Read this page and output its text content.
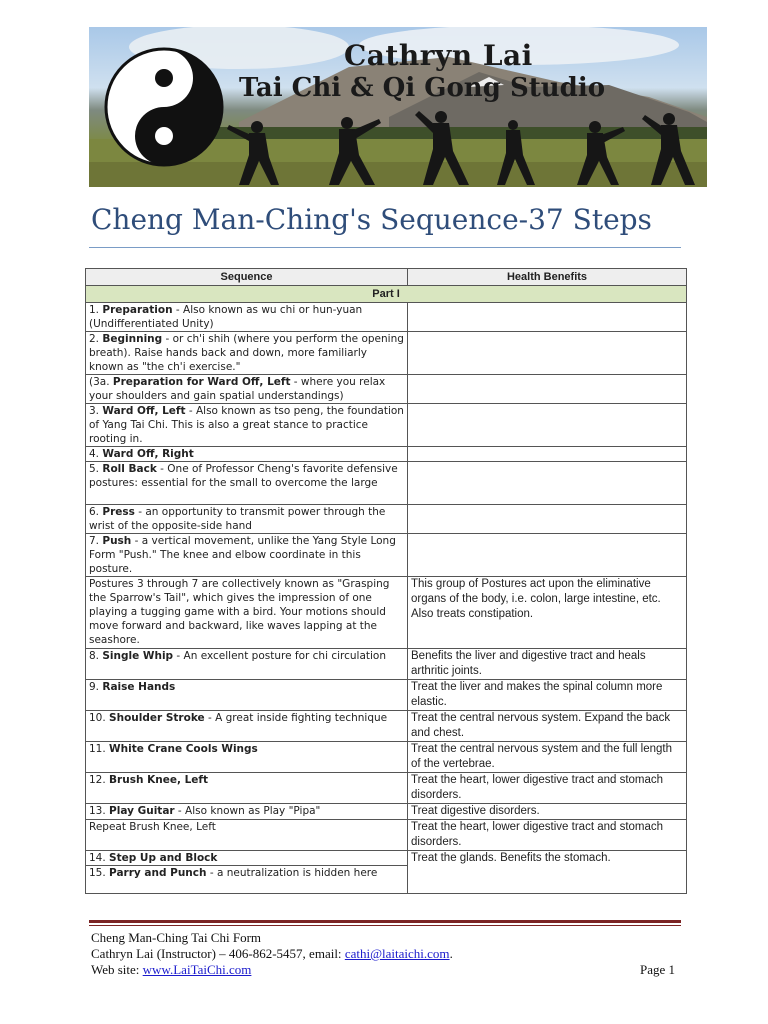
Cathryn Lai
Tai Chi & Qi Gong Studio
Cheng Man-Ching's Sequence-37 Steps
Sequence	Health Benefits
Part I	
1. Preparation - Also known as wu chi or hun-yuan (Undifferentiated Unity)	
2. Beginning - or ch'i shih (where you perform the opening breath). Raise hands back and down, more familiarly known as "the ch'i exercise."	
(3a. Preparation for Ward Off, Left - where you relax your shoulders and gain spatial understandings)	
3. Ward Off, Left - Also known as tso peng, the foundation of Yang Tai Chi. This is also a great stance to practice rooting in.	
4. Ward Off, Right	
5. Roll Back - One of Professor Cheng's favorite defensive postures: essential for the small to overcome the large	
6. Press - an opportunity to transmit power through the wrist of the opposite-side hand	
7. Push - a vertical movement, unlike the Yang Style Long Form "Push." The knee and elbow coordinate in this posture.	
Postures 3 through 7 are collectively known as "Grasping the Sparrow's Tail", which gives the impression of one playing a tugging game with a bird. Your motions should move forward and backward, like waves lapping at the seashore.	This group of Postures act upon the eliminative organs of the body, i.e. colon, large intestine, etc. Also treats constipation.
8. Single Whip - An excellent posture for chi circulation	Benefits the liver and digestive tract and heals arthritic joints.
9. Raise Hands	Treat the liver and makes the spinal column more elastic.
10. Shoulder Stroke - A great inside fighting technique	Treat the central nervous system. Expand the back and chest.
11. White Crane Cools Wings	Treat the central nervous system and the full length of the vertebrae.
12. Brush Knee, Left	Treat the heart, lower digestive tract and stomach disorders.
13. Play Guitar - Also known as Play "Pipa"	Treat digestive disorders.
Repeat Brush Knee, Left	Treat the heart, lower digestive tract and stomach disorders.
14. Step Up and Block	Treat the glands. Benefits the stomach.
15. Parry and Punch - a neutralization is hidden here	
Cheng Man-Ching Tai Chi Form
Cathryn Lai (Instructor) – 406-862-5457, email: cathi@laitaichi.com.
Web site: www.LaiTaiChi.com	Page 1
